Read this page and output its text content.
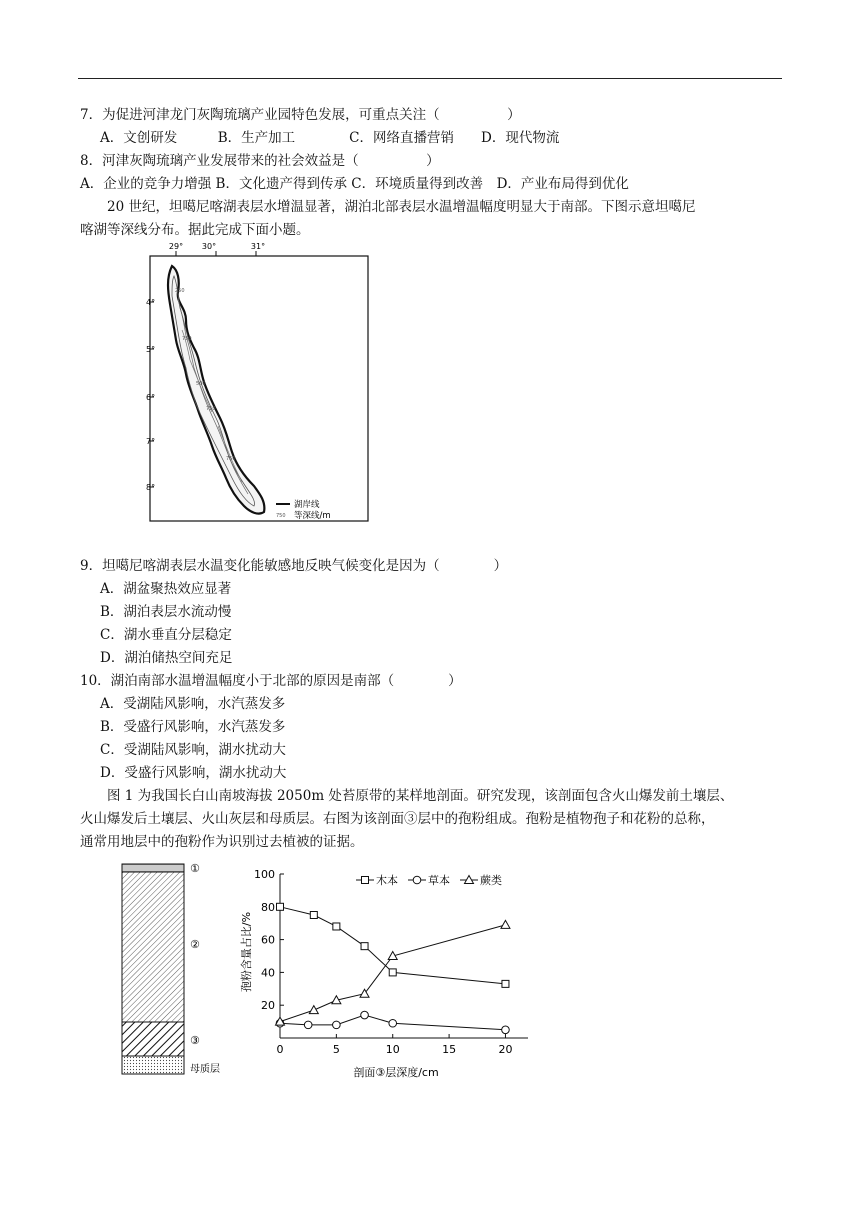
7．为促进河津龙门灰陶琉璃产业园特色发展，可重点关注（　　　　　）
A．文创研发　　　B．生产加工　　　　C．网络直播营销　　D．现代物流
8．河津灰陶琉璃产业发展带来的社会效益是（　　　　　）
A．企业的竞争力增强 B．文化遗产得到传承 C．环境质量得到改善　D．产业布局得到优化
　　20 世纪，坦噶尼喀湖表层水增温显著，湖泊北部表层水温增温幅度明显大于南部。下图示意坦噶尼
喀湖等深线分布。据此完成下面小题。
29° 30°	31°
4°
5°
6°
7°
8°
250
750
500
750
750
湖岸线
750 等深线/m
9．坦噶尼喀湖表层水温变化能敏感地反映气候变化是因为（　　　　）
A．湖盆聚热效应显著
B．湖泊表层水流动慢
C．湖水垂直分层稳定
D．湖泊储热空间充足
10．湖泊南部水温增温幅度小于北部的原因是南部（　　　　）
A．受湖陆风影响，水汽蒸发多
B．受盛行风影响，水汽蒸发多
C．受湖陆风影响，湖水扰动大
D．受盛行风影响，湖水扰动大
　　图 1 为我国长白山南坡海拔 2050m 处苔原带的某样地剖面。研究发现，该剖面包含火山爆发前土壤层、
火山爆发后土壤层、火山灰层和母质层。右图为该剖面③层中的孢粉组成。孢粉是植物孢子和花粉的总称，
通常用地层中的孢粉作为识别过去植被的证据。
①
②
③
母质层
20
40
60
80
100
0	5	10	15	20
孢粉含量占比/%
剖面③层深度/cm
木本	草本	蕨类
